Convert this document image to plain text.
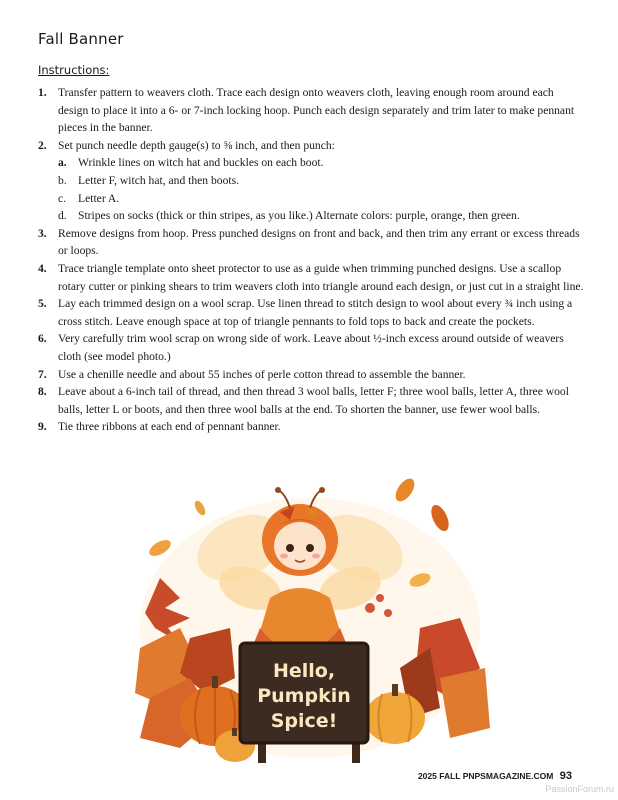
Fall Banner
Instructions:
1. Transfer pattern to weavers cloth. Trace each design onto weavers cloth, leaving enough room around each design to place it into a 6- or 7-inch locking hoop. Punch each design separately and trim later to make pennant pieces in the banner.
2. Set punch needle depth gauge(s) to ⅝ inch, and then punch:
a. Wrinkle lines on witch hat and buckles on each boot.
b. Letter F, witch hat, and then boots.
c. Letter A.
d. Stripes on socks (thick or thin stripes, as you like.) Alternate colors: purple, orange, then green.
3. Remove designs from hoop. Press punched designs on front and back, and then trim any errant or excess threads or loops.
4. Trace triangle template onto sheet protector to use as a guide when trimming punched designs. Use a scallop rotary cutter or pinking shears to trim weavers cloth into triangle around each design, or just cut in a straight line.
5. Lay each trimmed design on a wool scrap. Use linen thread to stitch design to wool about every ¾ inch using a cross stitch. Leave enough space at top of triangle pennants to fold tops to back and create the pockets.
6. Very carefully trim wool scrap on wrong side of work. Leave about ½-inch excess around outside of weavers cloth (see model photo.)
7. Use a chenille needle and about 55 inches of perle cotton thread to assemble the banner.
8. Leave about a 6-inch tail of thread, and then thread 3 wool balls, letter F; three wool balls, letter A, three wool balls, letter L or boots, and then three wool balls at the end. To shorten the banner, use fewer wool balls.
9. Tie three ribbons at each end of pennant banner.
Hello,
Pumpkin
Spice!
2025 FALL PNPSMAGAZINE.COM 93
PassionForum.ru
